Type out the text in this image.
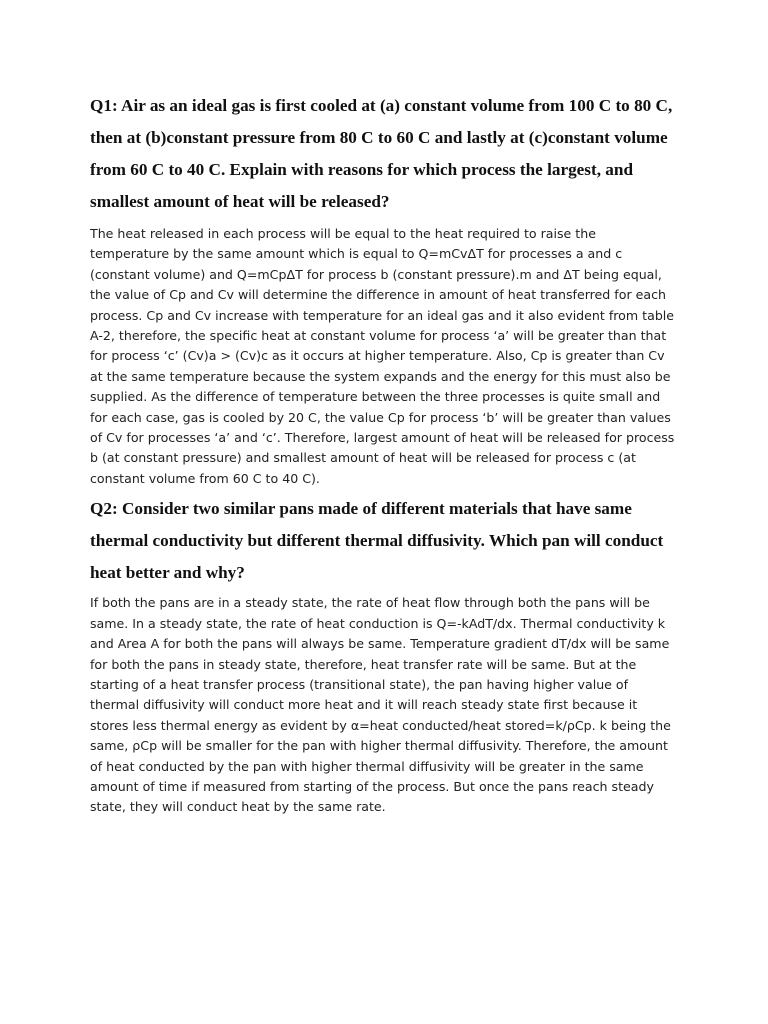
Q1: Air as an ideal gas is first cooled at (a) constant volume from 100 C to 80 C, then at (b)constant pressure from 80 C to 60 C and lastly at (c)constant volume from 60 C to 40 C. Explain with reasons for which process the largest, and smallest amount of heat will be released?

The heat released in each process will be equal to the heat required to raise the temperature by the same amount which is equal to Q=mCvΔT for processes a and c (constant volume) and Q=mCpΔT for process b (constant pressure).m and ΔT being equal, the value of Cp and Cv will determine the difference in amount of heat transferred for each process. Cp and Cv increase with temperature for an ideal gas and it also evident from table A-2, therefore, the specific heat at constant volume for process ‘a’ will be greater than that for process ‘c’ (Cv)a > (Cv)c as it occurs at higher temperature. Also, Cp is greater than Cv at the same temperature because the system expands and the energy for this must also be supplied. As the difference of temperature between the three processes is quite small and for each case, gas is cooled by 20 C, the value Cp for process ‘b’ will be greater than values of Cv for processes ‘a’ and ‘c’. Therefore, largest amount of heat will be released for process b (at constant pressure) and smallest amount of heat will be released for process c (at constant volume from 60 C to 40 C).

Q2: Consider two similar pans made of different materials that have same thermal conductivity but different thermal diffusivity. Which pan will conduct heat better and why?

If both the pans are in a steady state, the rate of heat flow through both the pans will be same. In a steady state, the rate of heat conduction is Q=-kAdT/dx. Thermal conductivity k and Area A for both the pans will always be same. Temperature gradient dT/dx will be same for both the pans in steady state, therefore, heat transfer rate will be same. But at the starting of a heat transfer process (transitional state), the pan having higher value of thermal diffusivity will conduct more heat and it will reach steady state first because it stores less thermal energy as evident by α=heat conducted/heat stored=k/ρCp. k being the same, ρCp will be smaller for the pan with higher thermal diffusivity. Therefore, the amount of heat conducted by the pan with higher thermal diffusivity will be greater in the same amount of time if measured from starting of the process. But once the pans reach steady state, they will conduct heat by the same rate.
